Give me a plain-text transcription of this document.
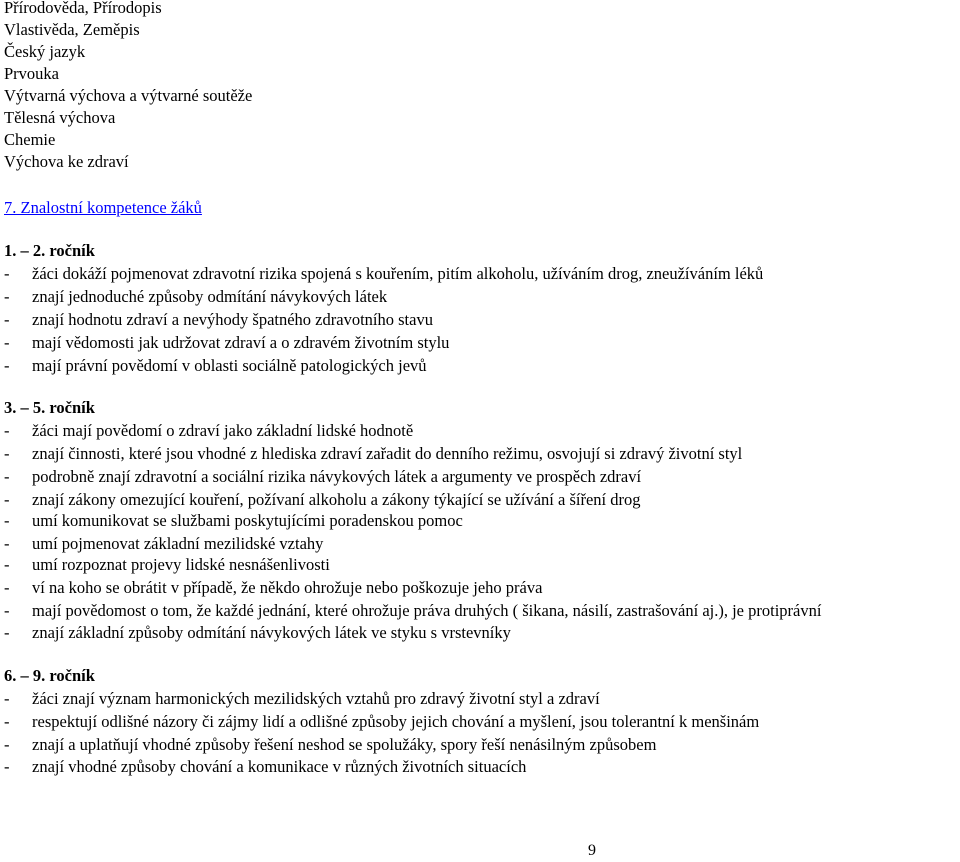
Přírodověda, Přírodopis
Vlastivěda, Zeměpis
Český jazyk
Prvouka
Výtvarná výchova a výtvarné soutěže
Tělesná výchova
Chemie
Výchova ke zdraví
7. Znalostní kompetence žáků
1. – 2. ročník
- žáci dokáží pojmenovat zdravotní rizika spojená s kouřením, pitím alkoholu, užíváním drog, zneužíváním léků
- znají jednoduché způsoby odmítání návykových látek
- znají hodnotu zdraví a nevýhody špatného zdravotního stavu
- mají vědomosti jak udržovat zdraví a o zdravém životním stylu
- mají právní povědomí v oblasti sociálně patologických jevů
3. – 5. ročník
- žáci mají povědomí o zdraví jako základní lidské hodnotě
- znají činnosti, které jsou vhodné z hlediska zdraví zařadit do denního režimu, osvojují si zdravý životní styl
- podrobně znají zdravotní a sociální rizika návykových látek a argumenty ve prospěch zdraví
- znají zákony omezující kouření, požívaní alkoholu a zákony týkající se užívání a šíření drog
- umí komunikovat se službami poskytujícími poradenskou pomoc
- umí pojmenovat základní mezilidské vztahy
- umí rozpoznat projevy lidské nesnášenlivosti
- ví na koho se obrátit v případě, že někdo ohrožuje nebo poškozuje jeho práva
- mají povědomost o tom, že každé jednání, které ohrožuje práva druhých ( šikana, násilí, zastrašování aj.), je protiprávní
- znají základní způsoby odmítání návykových látek ve styku s vrstevníky
6. – 9. ročník
- žáci znají význam harmonických mezilidských vztahů pro zdravý životní styl a zdraví
- respektují odlišné názory či zájmy lidí a odlišné způsoby jejich chování a myšlení, jsou tolerantní k menšinám
- znají a uplatňují vhodné způsoby řešení neshod se spolužáky, spory řeší nenásilným způsobem
- znají vhodné způsoby chování a komunikace v různých životních situacích
9
